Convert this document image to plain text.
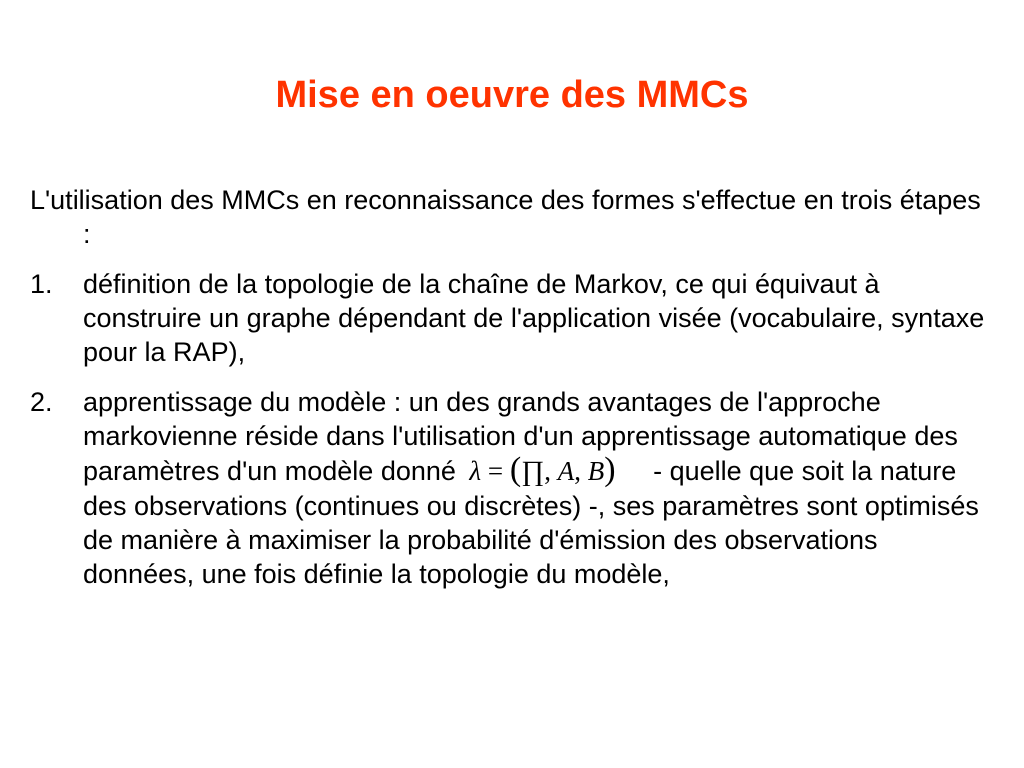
Mise en oeuvre des MMCs

L'utilisation des MMCs en reconnaissance des formes s'effectue en trois étapes :

1. définition de la topologie de la chaîne de Markov, ce qui équivaut à construire un graphe dépendant de l'application visée (vocabulaire, syntaxe pour la RAP),
2. apprentissage du modèle : un des grands avantages de l'approche markovienne réside dans l'utilisation d'un apprentissage automatique des paramètres d'un modèle donné λ = (∏, A, B) - quelle que soit la nature des observations (continues ou discrètes) -, ses paramètres sont optimisés de manière à maximiser la probabilité d'émission des observations données, une fois définie la topologie du modèle,
